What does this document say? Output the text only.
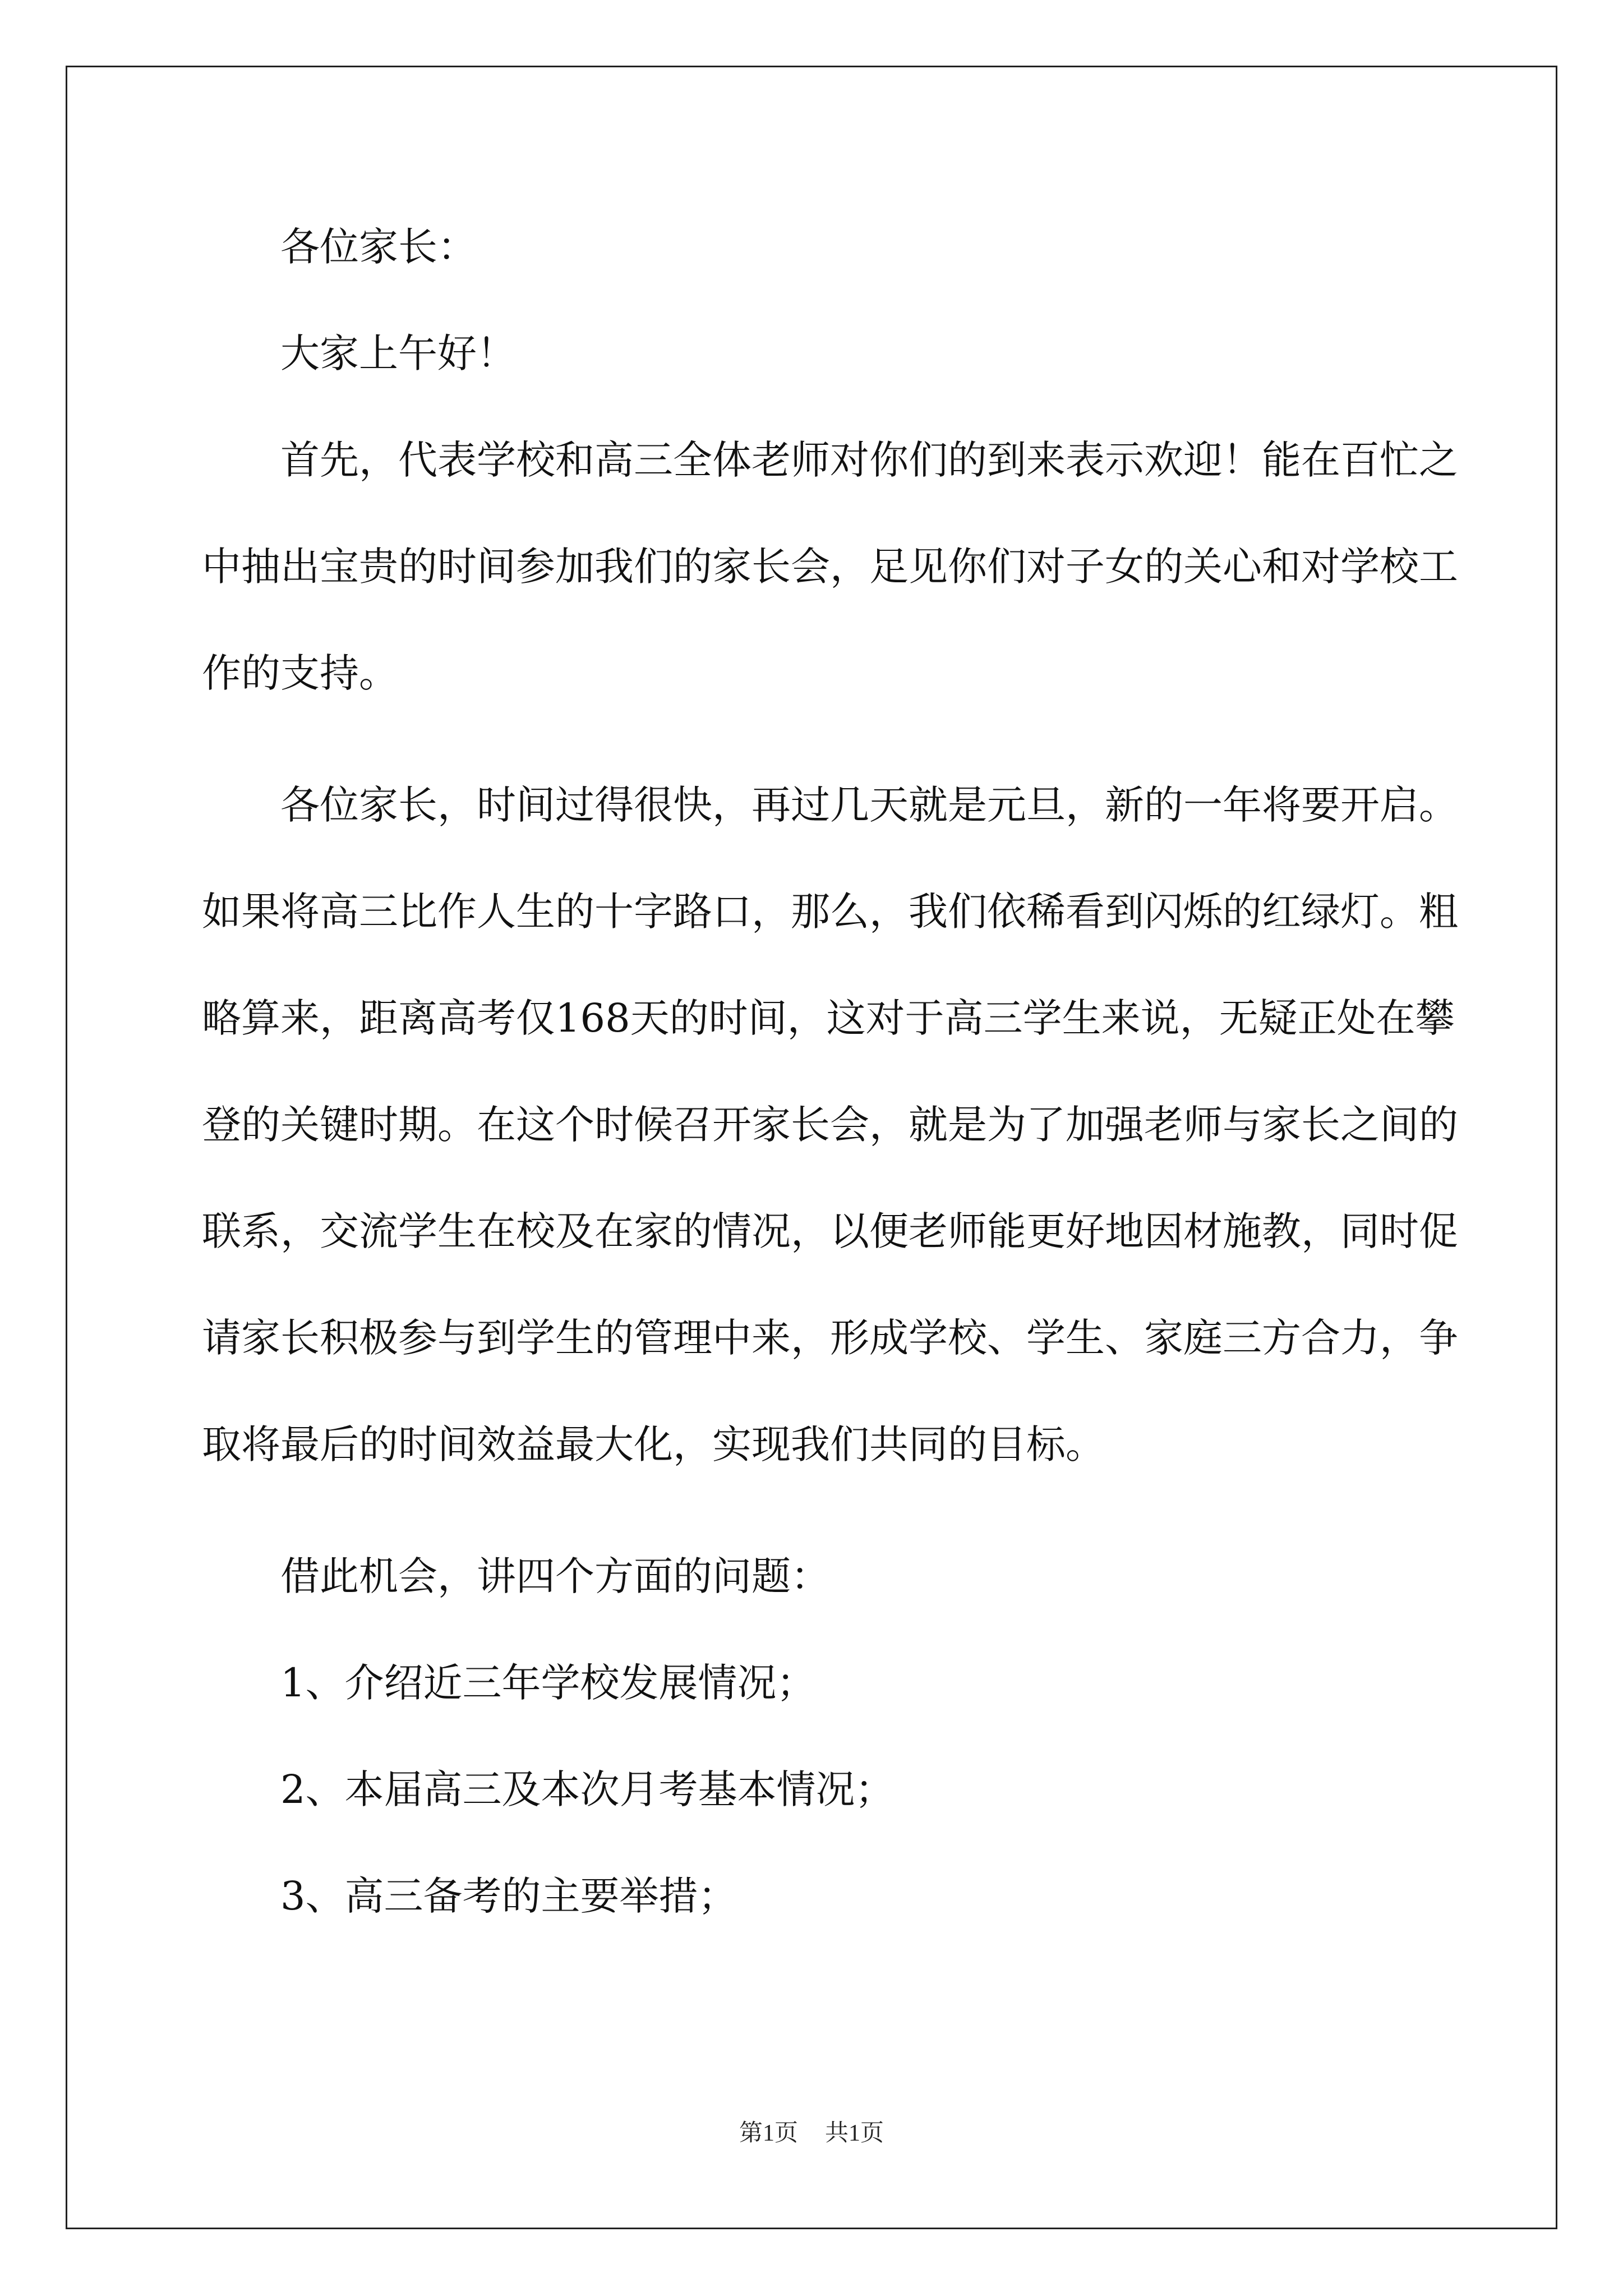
各位家长：

大家上午好！

首先，代表学校和高三全体老师对你们的到来表示欢迎！能在百忙之中抽出宝贵的时间参加我们的家长会，足见你们对子女的关心和对学校工作的支持。

各位家长，时间过得很快，再过几天就是元旦，新的一年将要开启。如果将高三比作人生的十字路口，那么，我们依稀看到闪烁的红绿灯。粗略算来，距离高考仅168天的时间，这对于高三学生来说，无疑正处在攀登的关键时期。在这个时候召开家长会，就是为了加强老师与家长之间的联系，交流学生在校及在家的情况，以便老师能更好地因材施教，同时促请家长积极参与到学生的管理中来，形成学校、学生、家庭三方合力，争取将最后的时间效益最大化，实现我们共同的目标。

借此机会，讲四个方面的问题：

1、介绍近三年学校发展情况；

2、本届高三及本次月考基本情况；

3、高三备考的主要举措；

第1页 共1页
